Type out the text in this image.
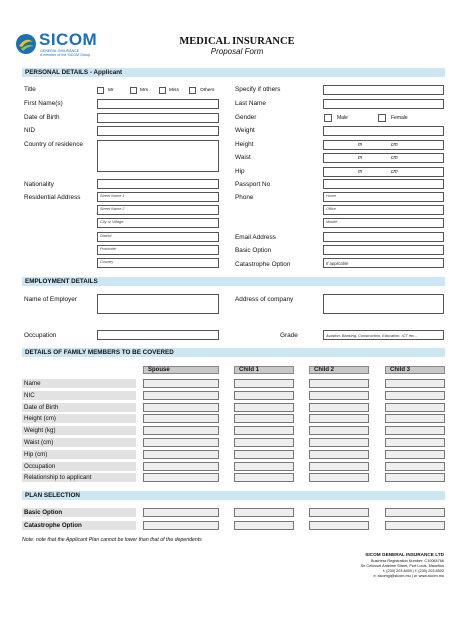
SICOM
GENERAL INSURANCE
A member of the SICOM Group
MEDICAL INSURANCE
Proposal Form
PERSONAL DETAILS - Applicant
Title	Mr	Mrs	Miss	Others
First Name(s)
Date of Birth
NID
Country of residence
Nationality
Residential Address	Street Name 1
Street Name 2
City or Village
District
Postcode
Country
Specify if others
Last Name
Gender	Male	Female
Weight
Height	m	cm
Waist	m	cm
Hip	m	cm
Passport No
Phone	Home
Office
Mobile
Email Address
Basic Option
Catastrophe Option	If applicable
EMPLOYMENT DETAILS
Name of Employer	Address of company
Occupation	Grade	Aviation, Banking, Construction, Education, ICT etc...
DETAILS OF FAMILY MEMBERS TO BE COVERED
Spouse	Child 1	Child 2	Child 3
Name
NIC
Date of Birth
Height (cm)
Weight (kg)
Waist (cm)
Hip (cm)
Occupation
Relationship to applicant
PLAN SELECTION
Basic Option
Catastrophe Option
Note: note that the Applicant Plan cannot be lower than that of the dependents
SICOM GENERAL INSURANCE LTD
Business Registration Number: C10084766
Sir Celicourt Antelme Street, Port Louis, Mauritius
t: (230) 203 8400 | f: (230) 203 8502
e: sicomgi@sicom.mu | w: www.sicom.mu
